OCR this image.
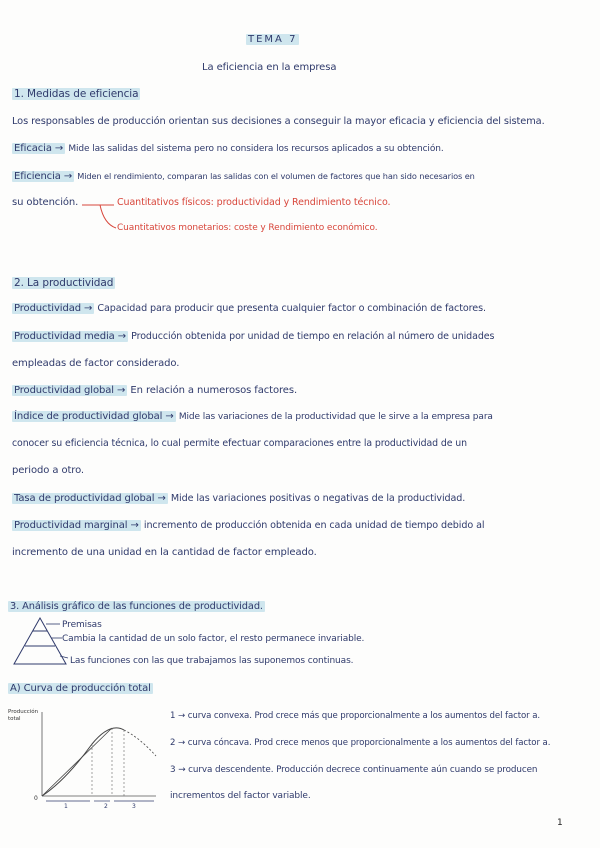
TEMA 7
La eficiencia en la empresa
1. Medidas de eficiencia
Los responsables de producción orientan sus decisiones a conseguir la mayor eficacia y eficiencia del sistema.
Eficacia → Mide las salidas del sistema pero no considera los recursos aplicados a su obtención.
Eficiencia → Miden el rendimiento, comparan las salidas con el volumen de factores que han sido necesarios en
su obtención.	Cuantitativos físicos: productividad y Rendimiento técnico.
Cuantitativos monetarios: coste y Rendimiento económico.
2. La productividad
Productividad → Capacidad para producir que presenta cualquier factor o combinación de factores.
Productividad media → Producción obtenida por unidad de tiempo en relación al número de unidades
empleadas de factor considerado.
Productividad global → En relación a numerosos factores.
Índice de productividad global → Mide las variaciones de la productividad que le sirve a la empresa para
conocer su eficiencia técnica, lo cual permite efectuar comparaciones entre la productividad de un
periodo a otro.
Tasa de productividad global → Mide las variaciones positivas o negativas de la productividad.
Productividad marginal → incremento de producción obtenida en cada unidad de tiempo debido al
incremento de una unidad en la cantidad de factor empleado.
3. Análisis gráfico de las funciones de productividad.
Premisas
Cambia la cantidad de un solo factor, el resto permanece invariable.
Las funciones con las que trabajamos las suponemos continuas.
A) Curva de producción total
Producción
total
0
1	2	3
1 → curva convexa. Prod crece más que proporcionalmente a los aumentos del factor a.
2 → curva cóncava. Prod crece menos que proporcionalmente a los aumentos del factor a.
3 → curva descendente. Producción decrece continuamente aún cuando se producen
incrementos del factor variable.
1
